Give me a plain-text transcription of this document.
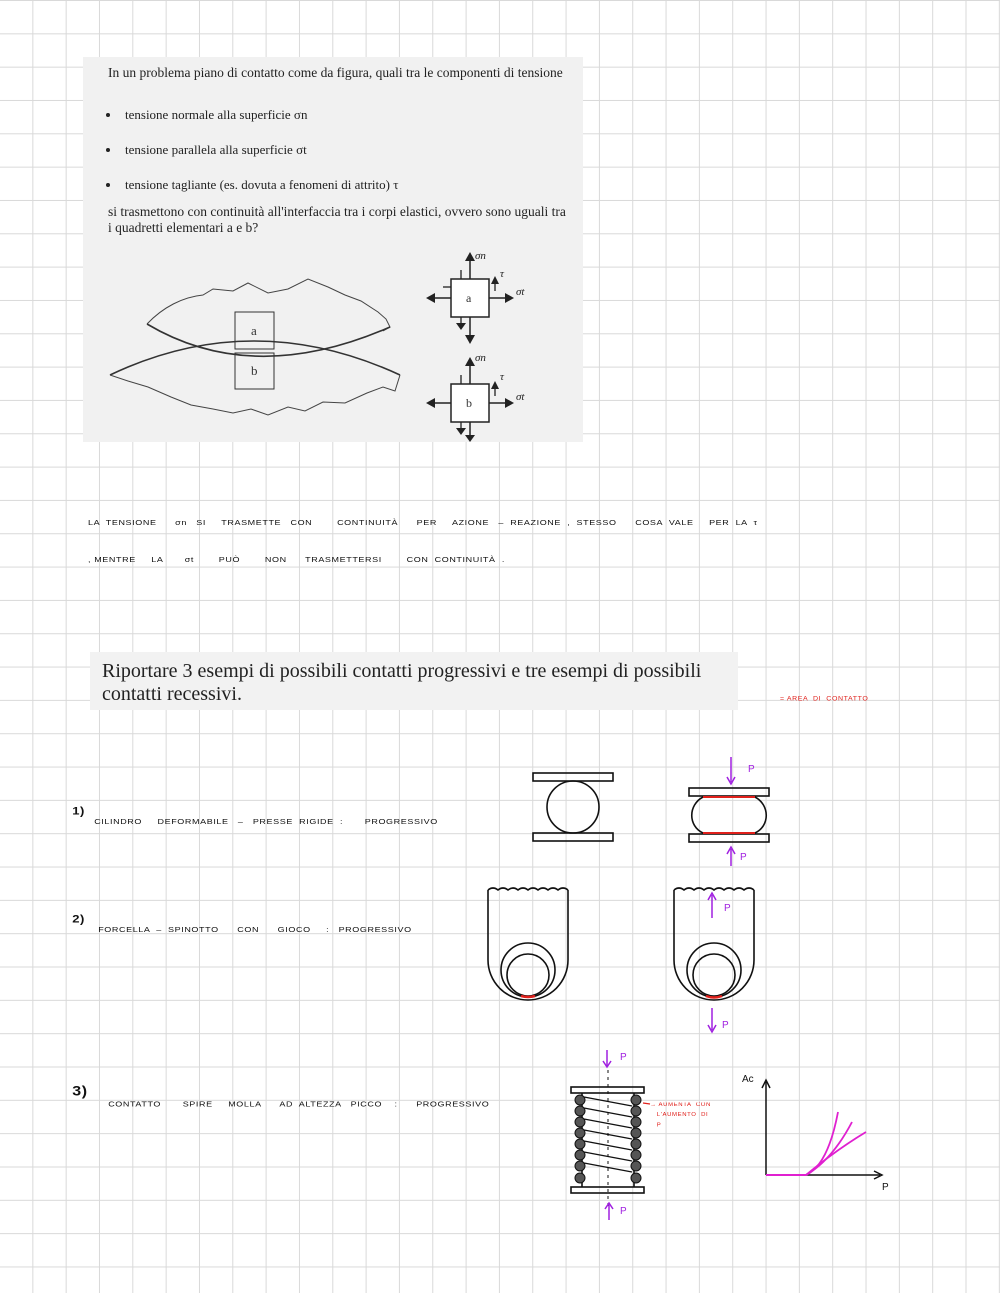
In un problema piano di contatto come da figura, quali tra le componenti di tensione
• tensione normale alla superficie σn
• tensione parallela alla superficie σt
• tensione tagliante (es. dovuta a fenomeni di attrito) τ
si trasmettono con continuità all'interfaccia tra i corpi elastici, ovvero sono uguali tra i quadretti elementari a e b?
a
b
a
σn
τ
σt
b
σn
τ
σt
LA  TENSIONE      σn   SI     TRASMETTE   CON        CONTINUITÀ      PER     AZIONE   –  REAZIONE  ,  STESSO      COSA  VALE     PER  LA  τ
, MENTRE     LA       σt        PUÒ        NON      TRASMETTERSI        CON  CONTINUITÀ  .
Riportare 3 esempi di possibili contatti progressivi e tre esempi di possibili contatti recessivi.	= AREA  DI  CONTATTO

1)
CILINDRO     DEFORMABILE   –   PRESSE  RIGIDE  :       PROGRESSIVO

2)
FORCELLA  –  SPINOTTO      CON      GIOCO     :   PROGRESSIVO

3)
CONTATTO       SPIRE     MOLLA      AD  ALTEZZA   PICCO    :      PROGRESSIVO

P
P
P
P
P
P
Ac
P
→ AUMENTA  CON
L'AUMENTO  DI
P
